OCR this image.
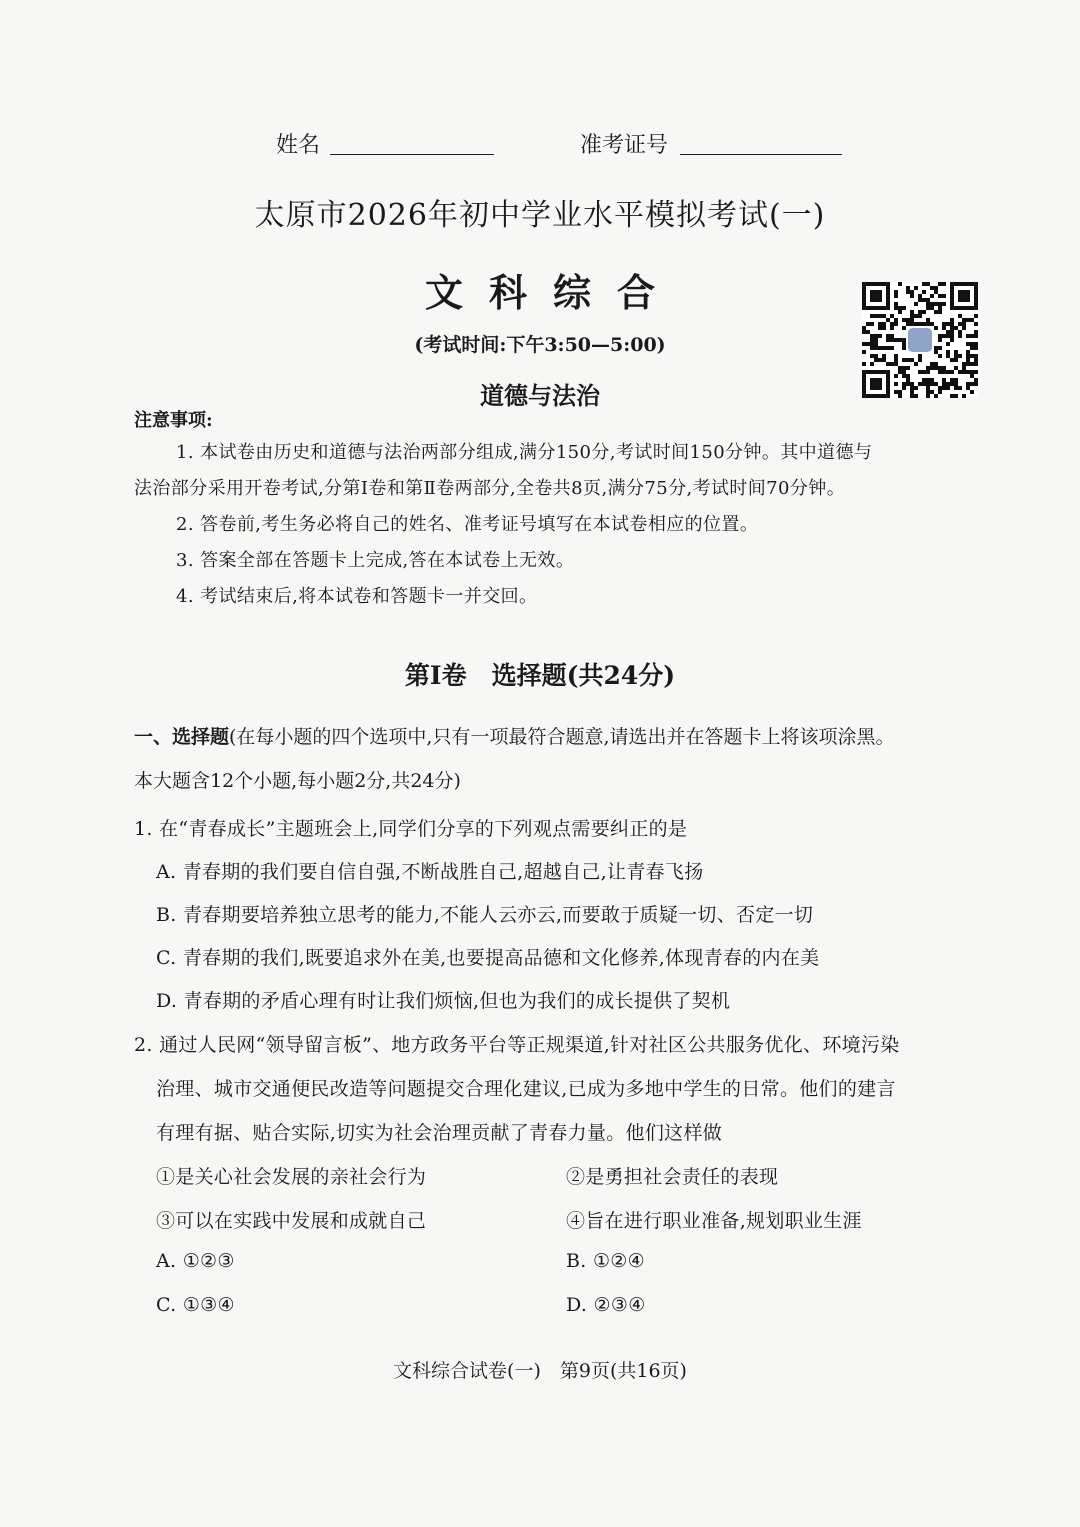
姓名	准考证号
太原市2026年初中学业水平模拟考试(一)
文科综合
(考试时间:下午3:50—5:00)
道德与法治
注意事项:
1. 本试卷由历史和道德与法治两部分组成,满分150分,考试时间150分钟。其中道德与
法治部分采用开卷考试,分第Ⅰ卷和第Ⅱ卷两部分,全卷共8页,满分75分,考试时间70分钟。
2. 答卷前,考生务必将自己的姓名、准考证号填写在本试卷相应的位置。
3. 答案全部在答题卡上完成,答在本试卷上无效。
4. 考试结束后,将本试卷和答题卡一并交回。
第Ⅰ卷　选择题(共24分)
一、选择题(在每小题的四个选项中,只有一项最符合题意,请选出并在答题卡上将该项涂黑。
本大题含12个小题,每小题2分,共24分)
1. 在“青春成长”主题班会上,同学们分享的下列观点需要纠正的是
A. 青春期的我们要自信自强,不断战胜自己,超越自己,让青春飞扬
B. 青春期要培养独立思考的能力,不能人云亦云,而要敢于质疑一切、否定一切
C. 青春期的我们,既要追求外在美,也要提高品德和文化修养,体现青春的内在美
D. 青春期的矛盾心理有时让我们烦恼,但也为我们的成长提供了契机
2. 通过人民网“领导留言板”、地方政务平台等正规渠道,针对社区公共服务优化、环境污染
治理、城市交通便民改造等问题提交合理化建议,已成为多地中学生的日常。他们的建言
有理有据、贴合实际,切实为社会治理贡献了青春力量。他们这样做
①是关心社会发展的亲社会行为	②是勇担社会责任的表现
③可以在实践中发展和成就自己	④旨在进行职业准备,规划职业生涯
A. ①②③	B. ①②④
C. ①③④	D. ②③④
文科综合试卷(一)　第9页(共16页)
